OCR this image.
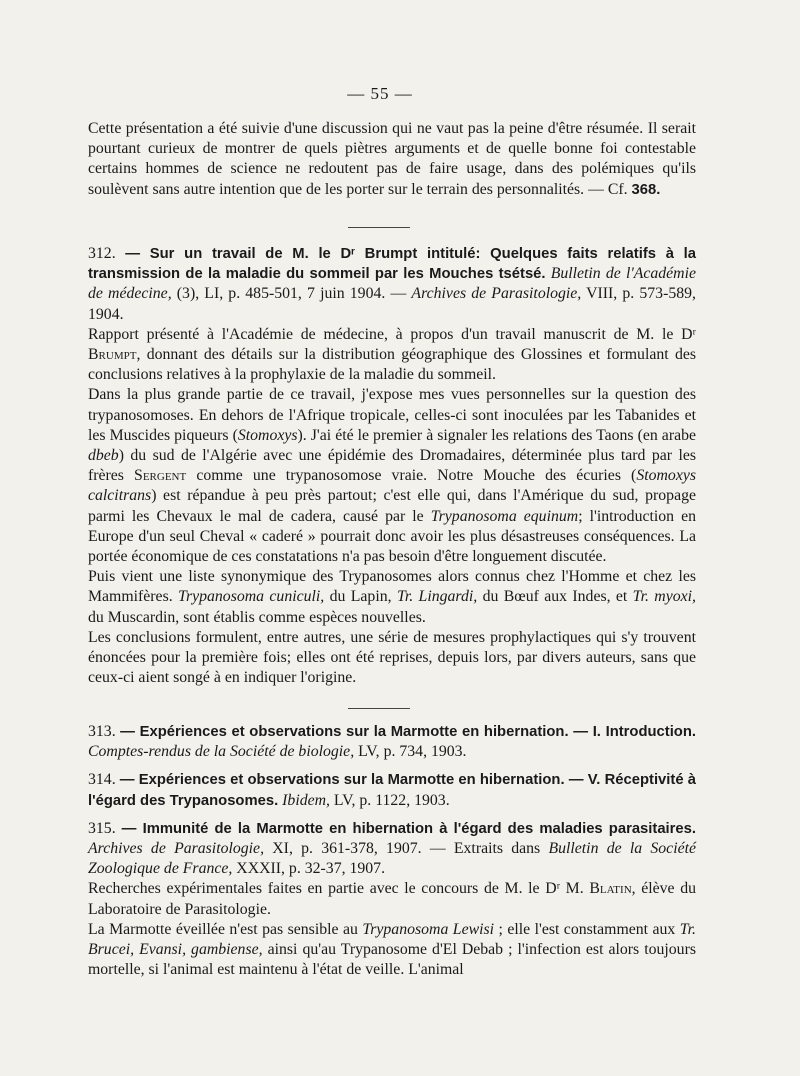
— 55 —

Cette présentation a été suivie d'une discussion qui ne vaut pas la peine d'être résumée. Il serait pourtant curieux de montrer de quels piètres arguments et de quelle bonne foi contestable certains hommes de science ne redoutent pas de faire usage, dans des polémiques qu'ils soulèvent sans autre intention que de les porter sur le terrain des personnalités. — Cf. 368.

312. — Sur un travail de M. le Dʳ Brumpt intitulé: Quelques faits relatifs à la transmission de la maladie du sommeil par les Mouches tsétsé. Bulletin de l'Académie de médecine, (3), LI, p. 485-501, 7 juin 1904. — Archives de Parasitologie, VIII, p. 573-589, 1904.

Rapport présenté à l'Académie de médecine, à propos d'un travail manuscrit de M. le Dʳ Brumpt, donnant des détails sur la distribution géographique des Glossines et formulant des conclusions relatives à la prophylaxie de la maladie du sommeil.

Dans la plus grande partie de ce travail, j'expose mes vues personnelles sur la question des trypanosomoses. En dehors de l'Afrique tropicale, celles-ci sont inoculées par les Tabanides et les Muscides piqueurs (Stomoxys). J'ai été le premier à signaler les relations des Taons (en arabe dbeb) du sud de l'Algérie avec une épidémie des Dromadaires, déterminée plus tard par les frères Sergent comme une trypanosomose vraie. Notre Mouche des écuries (Stomoxys calcitrans) est répandue à peu près partout; c'est elle qui, dans l'Amérique du sud, propage parmi les Chevaux le mal de cadera, causé par le Trypanosoma equinum; l'introduction en Europe d'un seul Cheval « caderé » pourrait donc avoir les plus désastreuses conséquences. La portée économique de ces constatations n'a pas besoin d'être longuement discutée.

Puis vient une liste synonymique des Trypanosomes alors connus chez l'Homme et chez les Mammifères. Trypanosoma cuniculi, du Lapin, Tr. Lingardi, du Bœuf aux Indes, et Tr. myoxi, du Muscardin, sont établis comme espèces nouvelles.

Les conclusions formulent, entre autres, une série de mesures prophylactiques qui s'y trouvent énoncées pour la première fois; elles ont été reprises, depuis lors, par divers auteurs, sans que ceux-ci aient songé à en indiquer l'origine.

313. — Expériences et observations sur la Marmotte en hibernation. — I. Introduction. Comptes-rendus de la Société de biologie, LV, p. 734, 1903.

314. — Expériences et observations sur la Marmotte en hibernation. — V. Réceptivité à l'égard des Trypanosomes. Ibidem, LV, p. 1122, 1903.

315. — Immunité de la Marmotte en hibernation à l'égard des maladies parasitaires. Archives de Parasitologie, XI, p. 361-378, 1907. — Extraits dans Bulletin de la Société Zoologique de France, XXXII, p. 32-37, 1907.

Recherches expérimentales faites en partie avec le concours de M. le Dʳ M. Blatin, élève du Laboratoire de Parasitologie.

La Marmotte éveillée n'est pas sensible au Trypanosoma Lewisi ; elle l'est constamment aux Tr. Brucei, Evansi, gambiense, ainsi qu'au Trypanosome d'El Debab ; l'infection est alors toujours mortelle, si l'animal est maintenu à l'état de veille. L'animal
